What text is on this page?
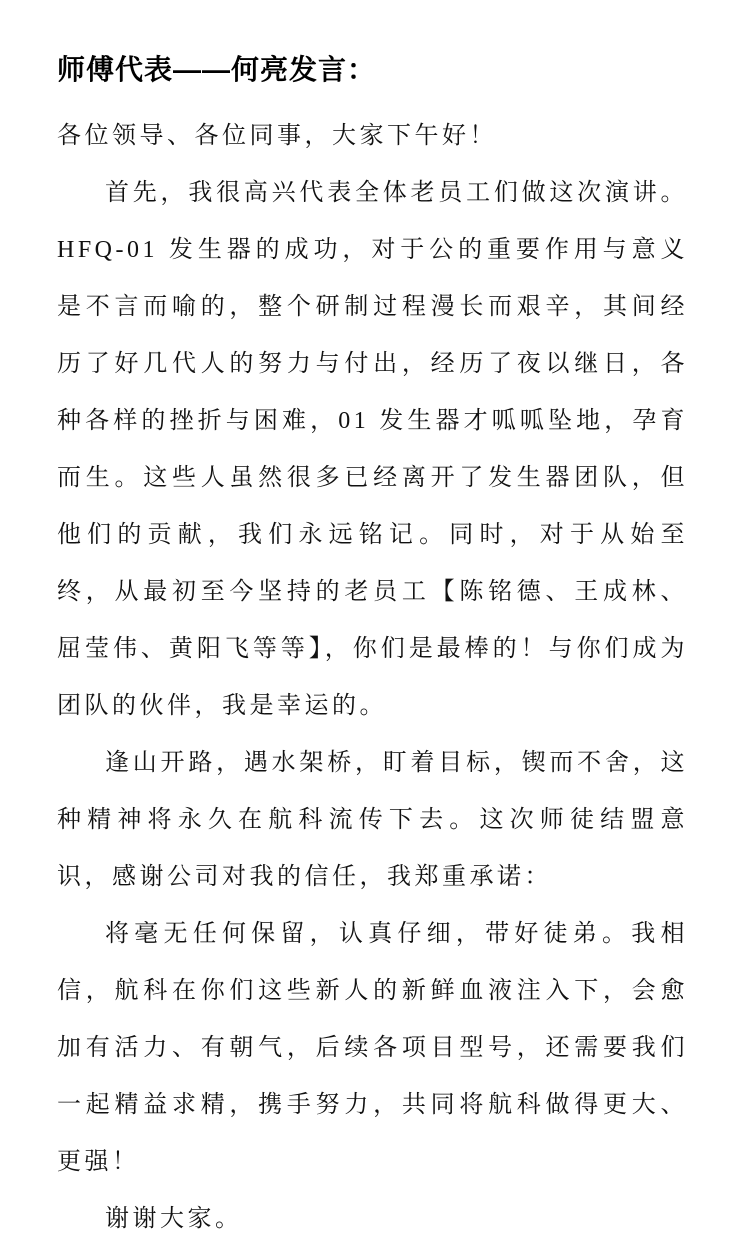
师傅代表——何亮发言：

各位领导、各位同事，大家下午好！

首先，我很高兴代表全体老员工们做这次演讲。HFQ-01 发生器的成功，对于公的重要作用与意义是不言而喻的，整个研制过程漫长而艰辛，其间经历了好几代人的努力与付出，经历了夜以继日，各种各样的挫折与困难，01 发生器才呱呱坠地，孕育而生。这些人虽然很多已经离开了发生器团队，但他们的贡献，我们永远铭记。同时，对于从始至终，从最初至今坚持的老员工【陈铭德、王成林、屈莹伟、黄阳飞等等】，你们是最棒的！与你们成为团队的伙伴，我是幸运的。

逢山开路，遇水架桥，盯着目标，锲而不舍，这种精神将永久在航科流传下去。这次师徒结盟意识，感谢公司对我的信任，我郑重承诺：

将毫无任何保留，认真仔细，带好徒弟。我相信，航科在你们这些新人的新鲜血液注入下，会愈加有活力、有朝气，后续各项目型号，还需要我们一起精益求精，携手努力，共同将航科做得更大、更强！

谢谢大家。
